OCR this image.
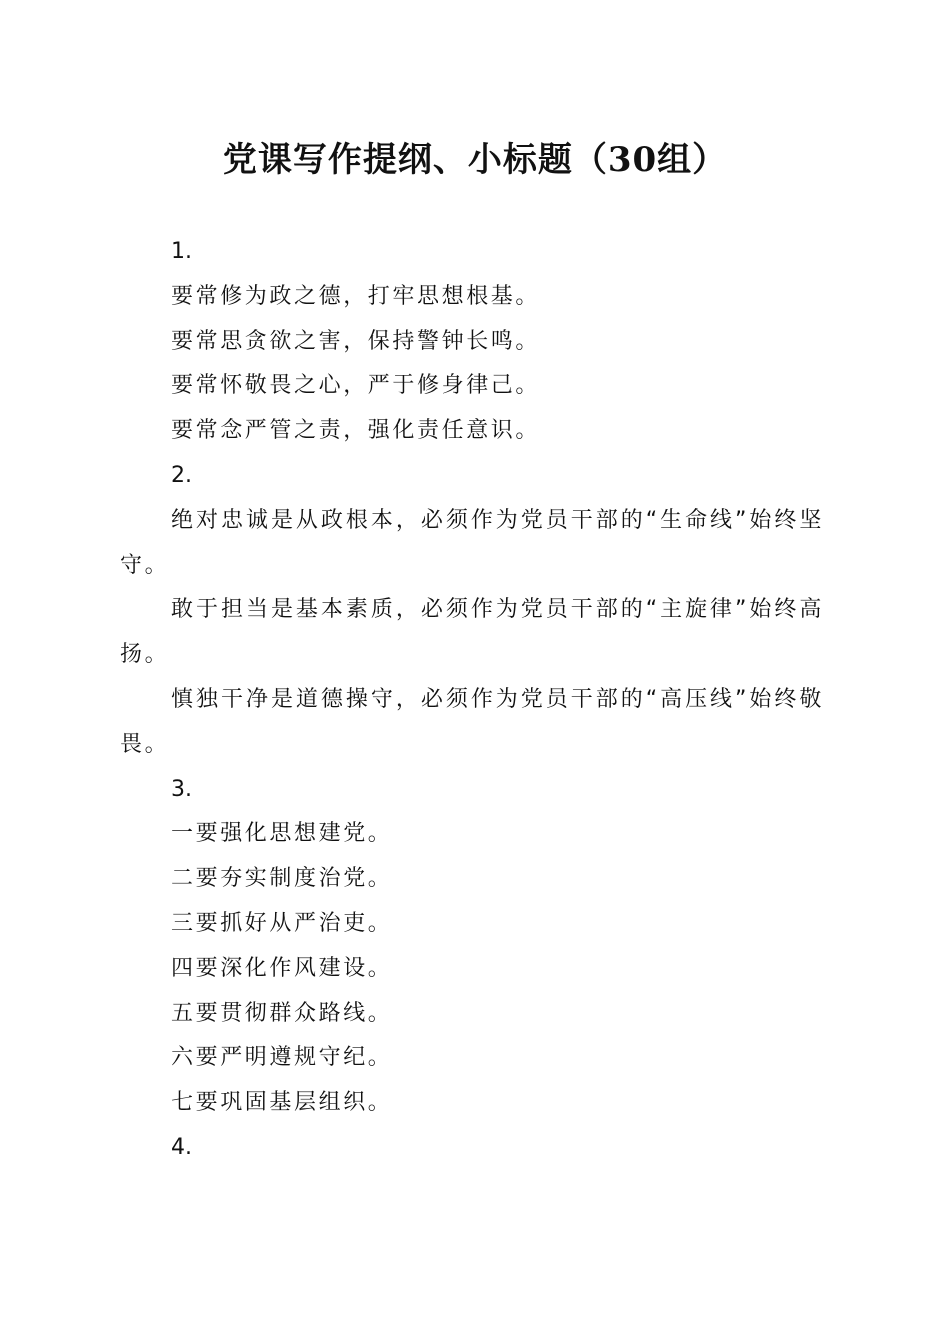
党课写作提纲、小标题（30组）

1.

要常修为政之德，打牢思想根基。

要常思贪欲之害，保持警钟长鸣。

要常怀敬畏之心，严于修身律己。

要常念严管之责，强化责任意识。

2.

绝对忠诚是从政根本，必须作为党员干部的“生命线”始终坚守。

敢于担当是基本素质，必须作为党员干部的“主旋律”始终高扬。

慎独干净是道德操守，必须作为党员干部的“高压线”始终敬畏。

3.

一要强化思想建党。

二要夯实制度治党。

三要抓好从严治吏。

四要深化作风建设。

五要贯彻群众路线。

六要严明遵规守纪。

七要巩固基层组织。

4.
